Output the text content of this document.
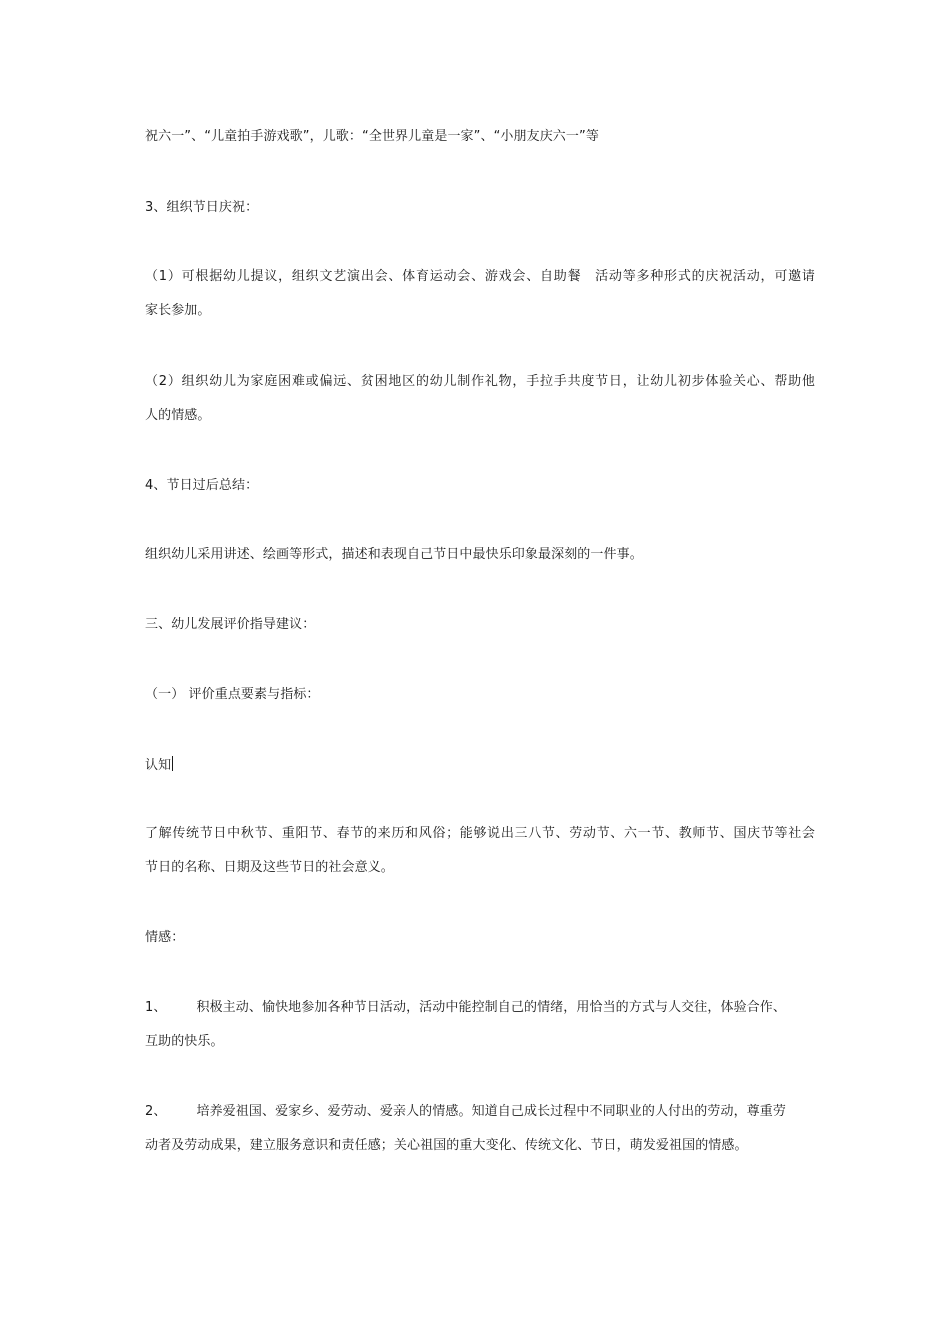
祝六一”、“儿童拍手游戏歌”，儿歌：“全世界儿童是一家”、“小朋友庆六一”等
3、组织节日庆祝：
（1）可根据幼儿提议，组织文艺演出会、体育运动会、游戏会、自助餐　活动等多种形式的庆祝活动，可邀请
家长参加。
（2）组织幼儿为家庭困难或偏远、贫困地区的幼儿制作礼物，手拉手共度节日，让幼儿初步体验关心、帮助他
人的情感。
4、节日过后总结：
组织幼儿采用讲述、绘画等形式，描述和表现自己节日中最快乐印象最深刻的一件事。
三、幼儿发展评价指导建议：
（一） 评价重点要素与指标：
认知
了解传统节日中秋节、重阳节、春节的来历和风俗；能够说出三八节、劳动节、六一节、教师节、国庆节等社会
节日的名称、日期及这些节日的社会意义。
情感：
1、 积极主动、愉快地参加各种节日活动，活动中能控制自己的情绪，用恰当的方式与人交往，体验合作、
互助的快乐。
2、 培养爱祖国、爱家乡、爱劳动、爱亲人的情感。知道自己成长过程中不同职业的人付出的劳动，尊重劳
动者及劳动成果，建立服务意识和责任感；关心祖国的重大变化、传统文化、节日，萌发爱祖国的情感。
